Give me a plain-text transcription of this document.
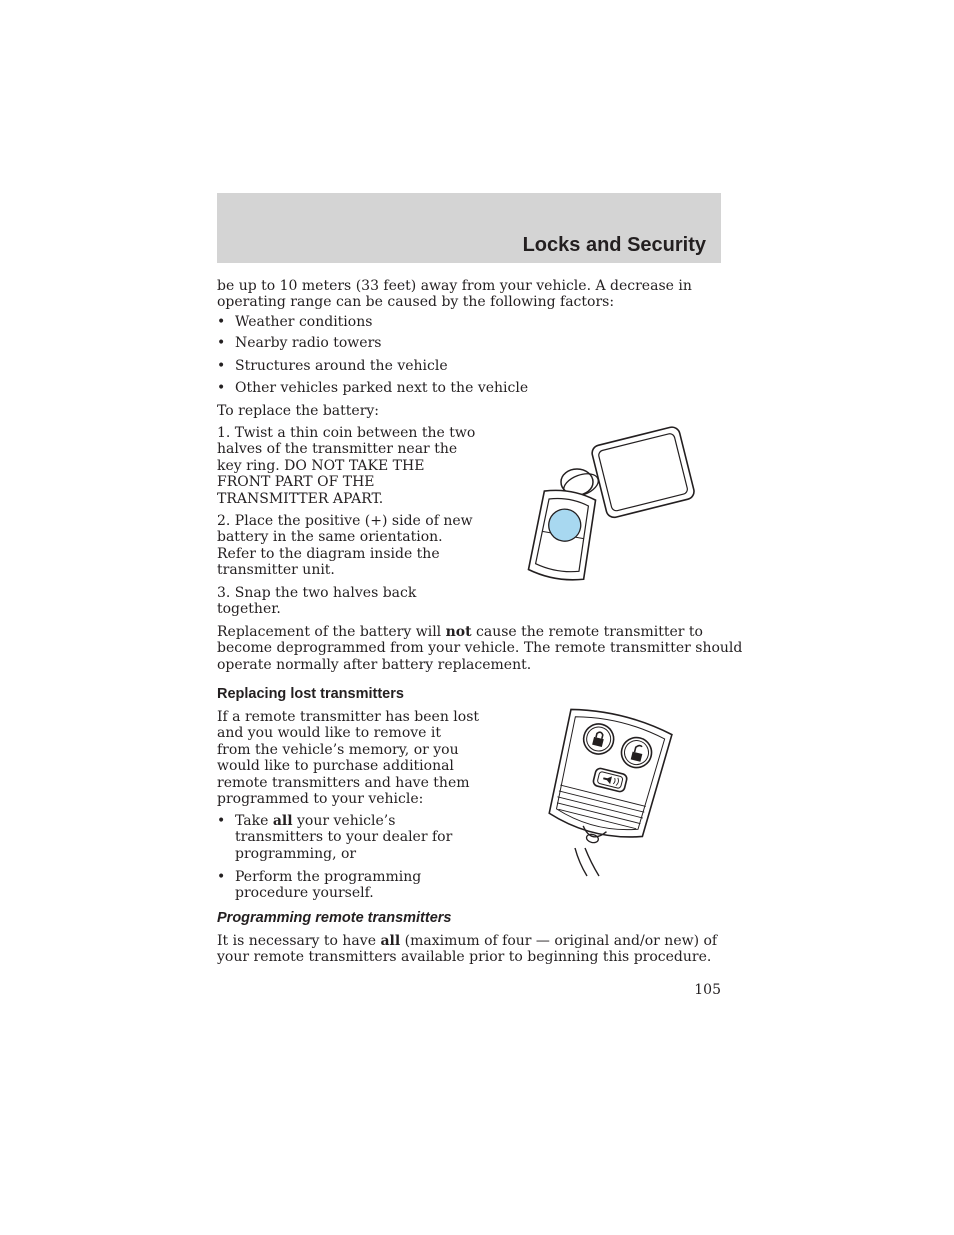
Locks and Security
be up to 10 meters (33 feet) away from your vehicle. A decrease in
operating range can be caused by the following factors:
• Weather conditions
• Nearby radio towers
• Structures around the vehicle
• Other vehicles parked next to the vehicle
To replace the battery:
1. Twist a thin coin between the two
halves of the transmitter near the
key ring. DO NOT TAKE THE
FRONT PART OF THE
TRANSMITTER APART.
2. Place the positive (+) side of new
battery in the same orientation.
Refer to the diagram inside the
transmitter unit.
3. Snap the two halves back
together.
Replacement of the battery will not cause the remote transmitter to
become deprogrammed from your vehicle. The remote transmitter should
operate normally after battery replacement.
Replacing lost transmitters
If a remote transmitter has been lost
and you would like to remove it
from the vehicle’s memory, or you
would like to purchase additional
remote transmitters and have them
programmed to your vehicle:
• Take all your vehicle’s
transmitters to your dealer for
programming, or
• Perform the programming
procedure yourself.
Programming remote transmitters
It is necessary to have all (maximum of four — original and/or new) of
your remote transmitters available prior to beginning this procedure.
105
